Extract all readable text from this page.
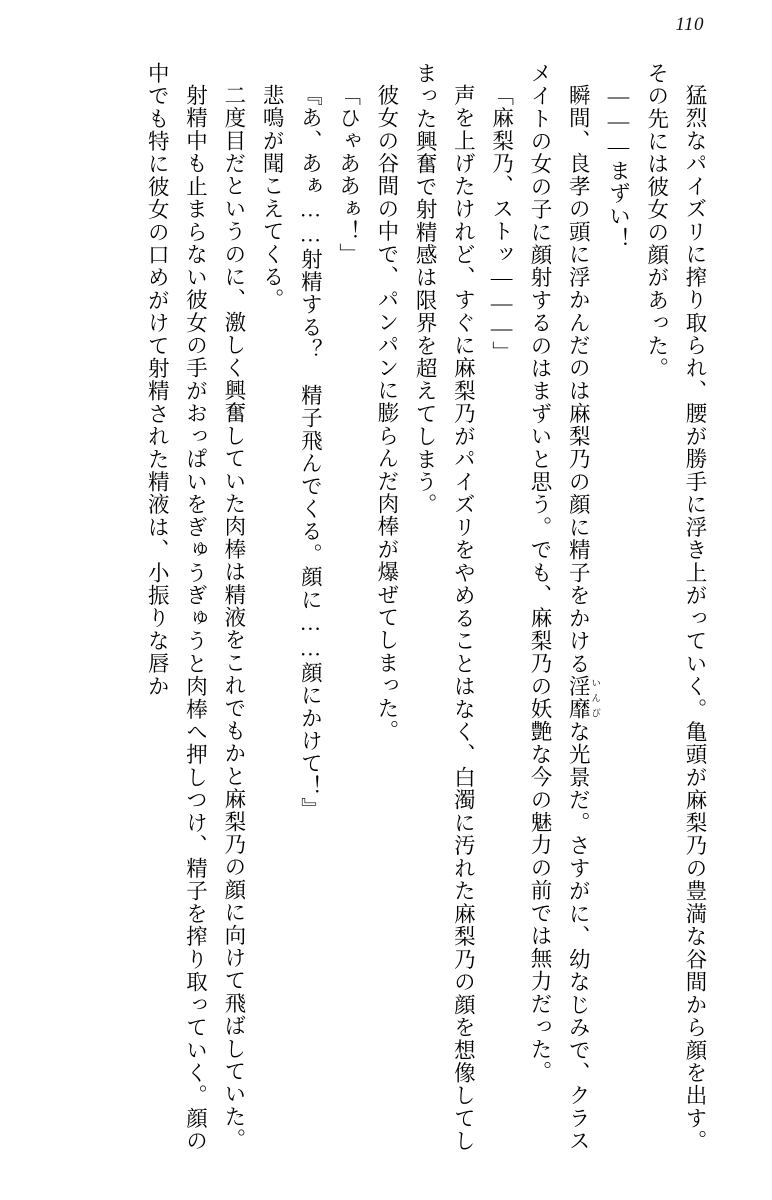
110

猛烈なパイズリに搾り取られ、腰が勝手に浮き上がっていく。亀頭が麻梨乃の豊満な谷間から顔を出す。その先には彼女の顔があった。

———まずい！

瞬間、良孝の頭に浮かんだのは麻梨乃の顔に精子をかける淫靡 いんびな光景だ。さすがに、幼なじみで、クラスメイトの女の子に顔射するのはまずいと思う。でも、麻梨乃の妖艶な今の魅力の前では無力だった。

「麻梨乃、ストッ———」

声を上げたけれど、すぐに麻梨乃がパイズリをやめることはなく、白濁に汚れた麻梨乃の顔を想像してしまった興奮で射精感は限界を超えてしまう。

彼女の谷間の中で、パンパンに膨らんだ肉棒が爆ぜてしまった。

「ひゃああぁ！」

『あ、あぁ……射精する？　精子飛んでくる。顔に……顔にかけて！』

悲鳴が聞こえてくる。

二度目だというのに、激しく興奮していた肉棒は精液をこれでもかと麻梨乃の顔に向けて飛ばしていた。

射精中も止まらない彼女の手がおっぱいをぎゅうぎゅうと肉棒へ押しつけ、精子を搾り取っていく。顔の中でも特に彼女の口めがけて射精された精液は、小振りな唇か
